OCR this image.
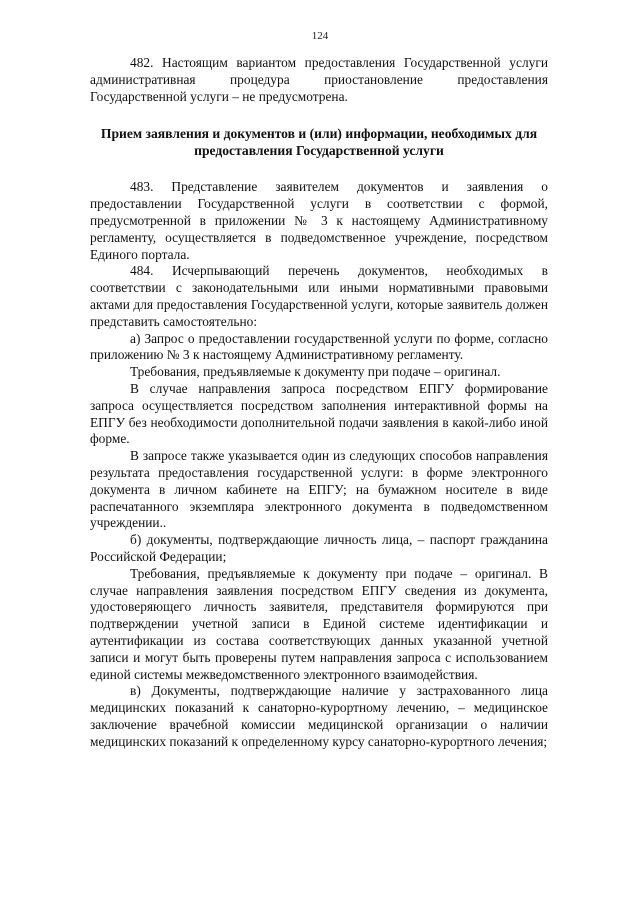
124

482. Настоящим вариантом предоставления Государственной услуги административная процедура приостановление предоставления Государственной услуги – не предусмотрена.

Прием заявления и документов и (или) информации, необходимых для предоставления Государственной услуги

483. Представление заявителем документов и заявления о предоставлении Государственной услуги в соответствии с формой, предусмотренной в приложении № 3 к настоящему Административному регламенту, осуществляется в подведомственное учреждение, посредством Единого портала.

484. Исчерпывающий перечень документов, необходимых в соответствии с законодательными или иными нормативными правовыми актами для предоставления Государственной услуги, которые заявитель должен представить самостоятельно:

а) Запрос о предоставлении государственной услуги по форме, согласно приложению № 3 к настоящему Административному регламенту.

Требования, предъявляемые к документу при подаче – оригинал.

В случае направления запроса посредством ЕПГУ формирование запроса осуществляется посредством заполнения интерактивной формы на ЕПГУ без необходимости дополнительной подачи заявления в какой-либо иной форме.

В запросе также указывается один из следующих способов направления результата предоставления государственной услуги: в форме электронного документа в личном кабинете на ЕПГУ; на бумажном носителе в виде распечатанного экземпляра электронного документа в подведомственном учреждении..

б) документы, подтверждающие личность лица, – паспорт гражданина Российской Федерации;

Требования, предъявляемые к документу при подаче – оригинал. В случае направления заявления посредством ЕПГУ сведения из документа, удостоверяющего личность заявителя, представителя формируются при подтверждении учетной записи в Единой системе идентификации и аутентификации из состава соответствующих данных указанной учетной записи и могут быть проверены путем направления запроса с использованием единой системы межведомственного электронного взаимодействия.

в) Документы, подтверждающие наличие у застрахованного лица медицинских показаний к санаторно-курортному лечению, – медицинское заключение врачебной комиссии медицинской организации о наличии медицинских показаний к определенному курсу санаторно-курортного лечения;
